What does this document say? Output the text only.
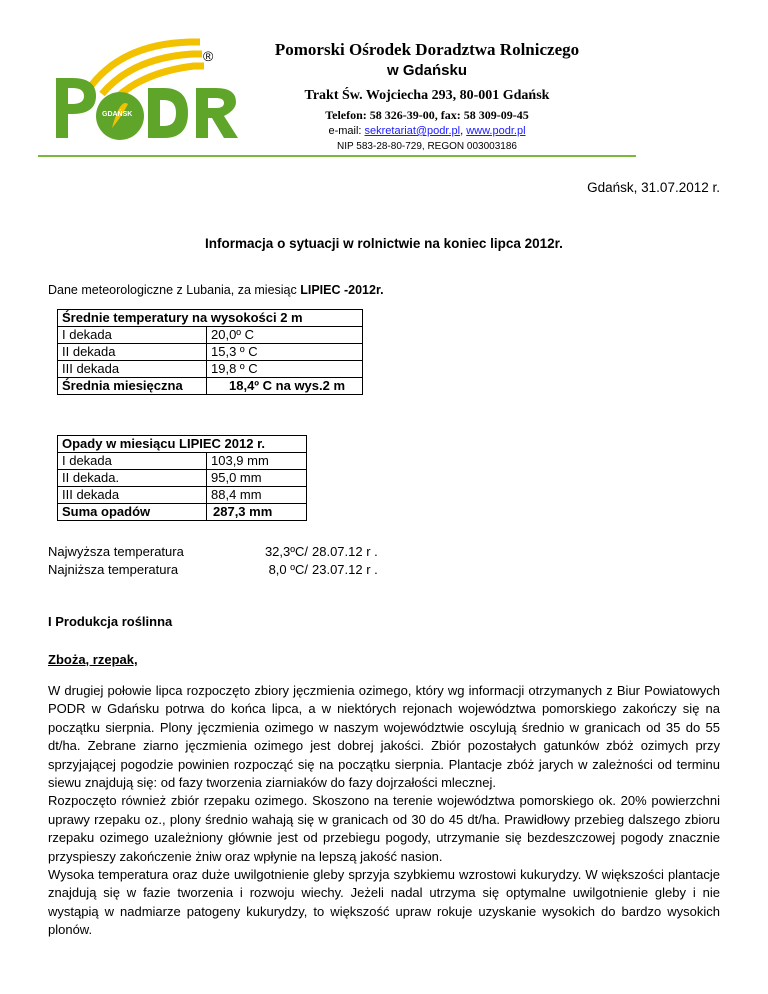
®
GDAŃSK
Pomorski Ośrodek Doradztwa Rolniczego
w Gdańsku
Trakt Św. Wojciecha 293, 80-001 Gdańsk
Telefon: 58 326-39-00, fax: 58 309-09-45
e-mail: sekretariat@podr.pl, www.podr.pl
NIP 583-28-80-729, REGON 003003186
Gdańsk, 31.07.2012 r.
Informacja o sytuacji w rolnictwie na koniec lipca 2012r.
Dane meteorologiczne z Lubania, za miesiąc LIPIEC -2012r.
Średnie temperatury na wysokości 2 m	
I dekada	20,0º C
II dekada	15,3 º C
III dekada	19,8 º C
Średnia miesięczna	18,4º C na wys.2 m
Opady w miesiącu LIPIEC 2012 r.	
I dekada	103,9 mm
II dekada.	95,0 mm
III dekada	88,4 mm
Suma opadów	287,3 mm
Najwyższa temperatura	32,3ºC/ 28.07.12 r .
Najniższa temperatura	8,0 ºC/ 23.07.12 r .
I Produkcja roślinna
Zboża, rzepak,

W drugiej połowie lipca rozpoczęto zbiory jęczmienia ozimego, który wg informacji otrzymanych z Biur Powiatowych PODR w Gdańsku potrwa do końca lipca, a w niektórych rejonach województwa pomorskiego zakończy się na początku sierpnia. Plony jęczmienia ozimego w naszym województwie oscylują średnio w granicach od 35 do 55 dt/ha. Zebrane ziarno jęczmienia ozimego jest dobrej jakości. Zbiór pozostałych gatunków zbóż ozimych przy sprzyjającej pogodzie powinien rozpocząć się na początku sierpnia. Plantacje zbóż jarych w zależności od terminu siewu znajdują się: od fazy tworzenia ziarniaków do fazy dojrzałości mlecznej.

Rozpoczęto również zbiór rzepaku ozimego. Skoszono na terenie województwa pomorskiego ok. 20% powierzchni uprawy rzepaku oz., plony średnio wahają się w granicach od 30 do 45 dt/ha. Prawidłowy przebieg dalszego zbioru rzepaku ozimego uzależniony głównie jest od przebiegu pogody, utrzymanie się bezdeszczowej pogody znacznie przyspieszy zakończenie żniw oraz wpłynie na lepszą jakość nasion.

Wysoka temperatura oraz duże uwilgotnienie gleby sprzyja szybkiemu wzrostowi kukurydzy. W większości plantacje znajdują się w fazie tworzenia i rozwoju wiechy. Jeżeli nadal utrzyma się optymalne uwilgotnienie gleby i nie wystąpią w nadmiarze patogeny kukurydzy, to większość upraw rokuje uzyskanie wysokich do bardzo wysokich plonów.
